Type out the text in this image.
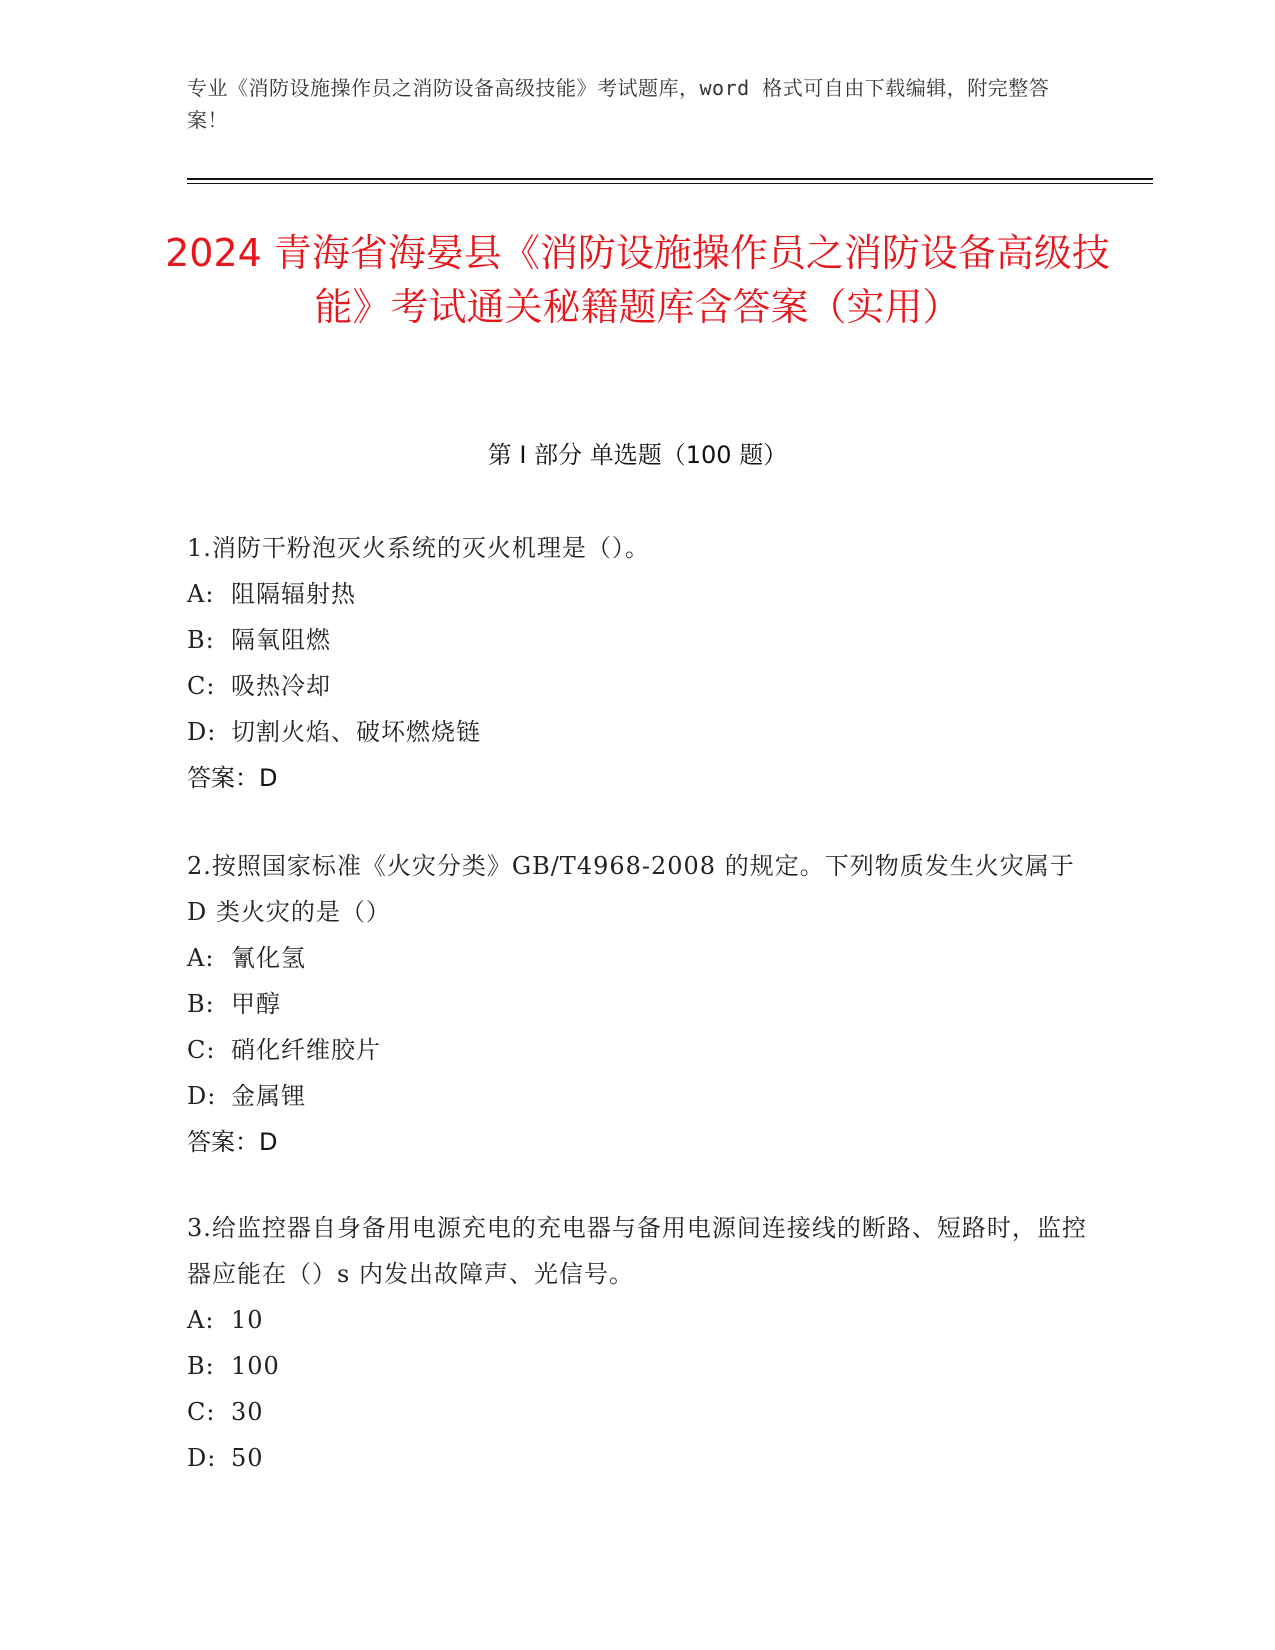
专业《消防设施操作员之消防设备高级技能》考试题库，word 格式可自由下载编辑，附完整答案！
2024 青海省海晏县《消防设施操作员之消防设备高级技能》考试通关秘籍题库含答案（实用）
第 I 部分 单选题（100 题）
1.消防干粉泡灭火系统的灭火机理是（）。
A: 阻隔辐射热
B: 隔氧阻燃
C: 吸热冷却
D: 切割火焰、破坏燃烧链
答案：D
2.按照国家标准《火灾分类》GB/T4968-2008 的规定。下列物质发生火灾属于 D 类火灾的是（）
A: 氰化氢
B: 甲醇
C: 硝化纤维胶片
D: 金属锂
答案：D
3.给监控器自身备用电源充电的充电器与备用电源间连接线的断路、短路时，监控器应能在（）s 内发出故障声、光信号。
A: 10
B: 100
C: 30
D: 50
